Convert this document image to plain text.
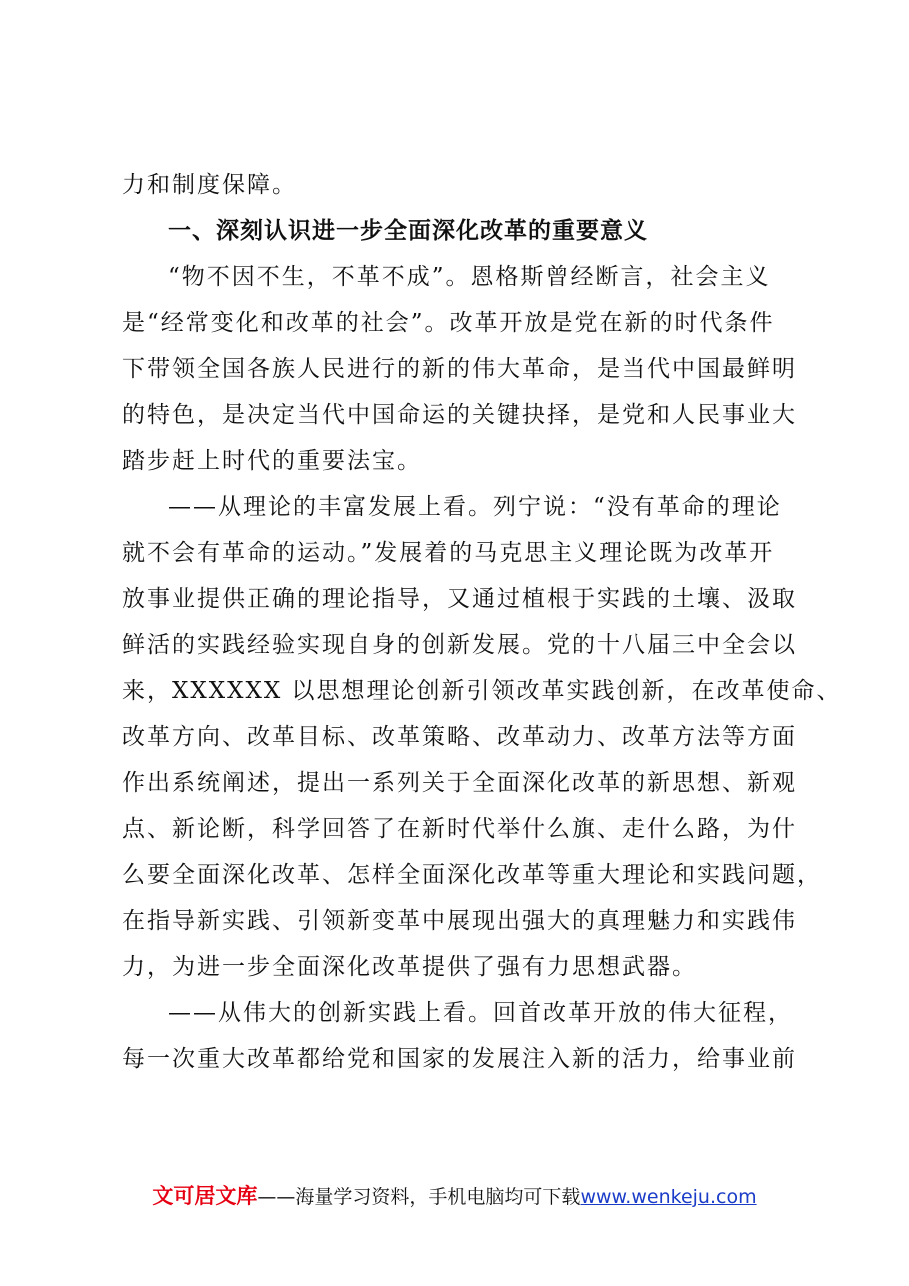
力和制度保障。
一、深刻认识进一步全面深化改革的重要意义
“物不因不生，不革不成”。恩格斯曾经断言，社会主义
是“经常变化和改革的社会”。改革开放是党在新的时代条件
下带领全国各族人民进行的新的伟大革命，是当代中国最鲜明
的特色，是决定当代中国命运的关键抉择，是党和人民事业大
踏步赶上时代的重要法宝。
——从理论的丰富发展上看。列宁说：“没有革命的理论
就不会有革命的运动。”发展着的马克思主义理论既为改革开
放事业提供正确的理论指导，又通过植根于实践的土壤、汲取
鲜活的实践经验实现自身的创新发展。党的十八届三中全会以
来，XXXXXX 以思想理论创新引领改革实践创新，在改革使命、
改革方向、改革目标、改革策略、改革动力、改革方法等方面
作出系统阐述，提出一系列关于全面深化改革的新思想、新观
点、新论断，科学回答了在新时代举什么旗、走什么路，为什
么要全面深化改革、怎样全面深化改革等重大理论和实践问题，
在指导新实践、引领新变革中展现出强大的真理魅力和实践伟
力，为进一步全面深化改革提供了强有力思想武器。
——从伟大的创新实践上看。回首改革开放的伟大征程，
每一次重大改革都给党和国家的发展注入新的活力，给事业前
文可居文库——海量学习资料，手机电脑均可下载www.wenkeju.com
